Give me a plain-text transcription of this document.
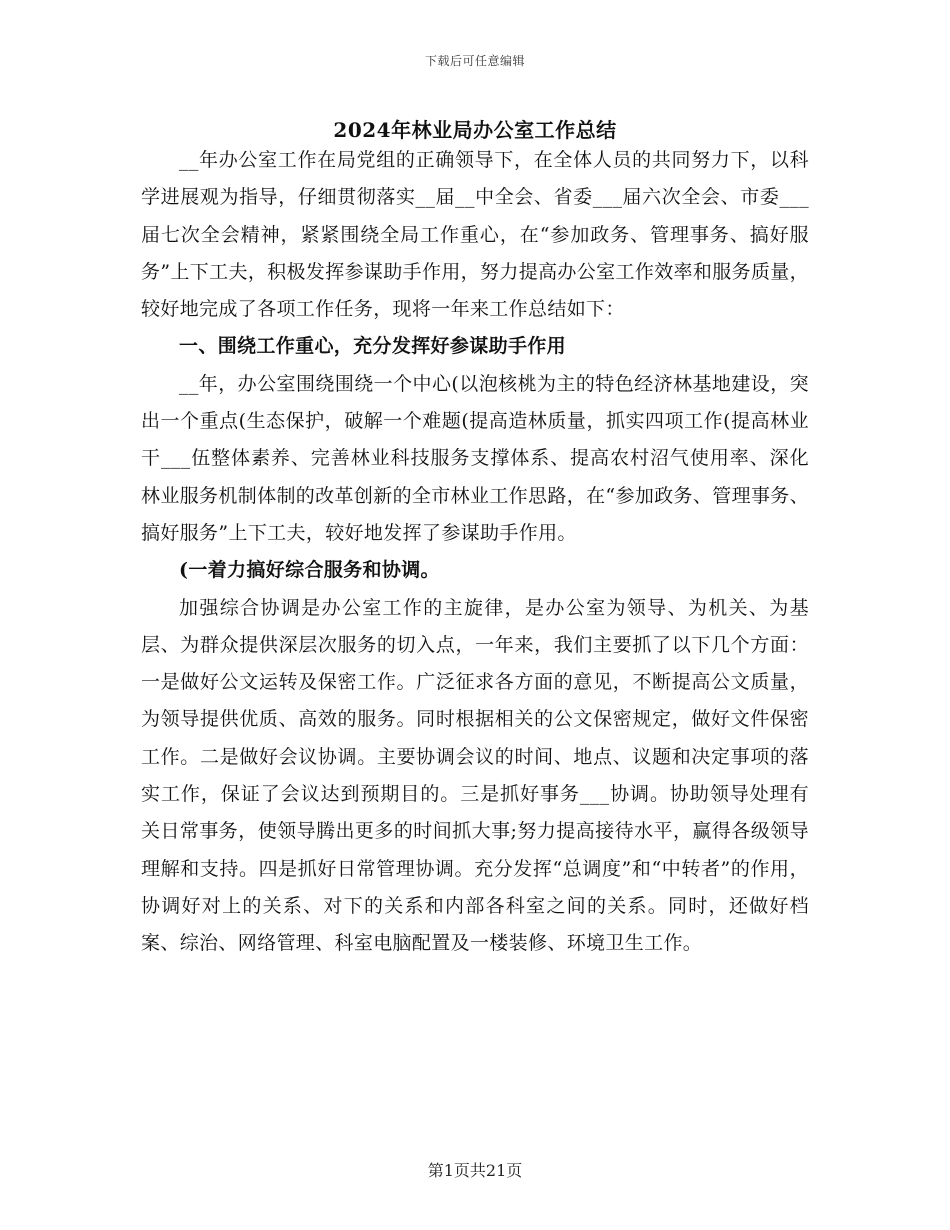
下载后可任意编辑
2024年林业局办公室工作总结

__年办公室工作在局党组的正确领导下，在全体人员的共同努力下，以科学进展观为指导，仔细贯彻落实__届__中全会、省委___届六次全会、市委___届七次全会精神，紧紧围绕全局工作重心，在“参加政务、管理事务、搞好服务”上下工夫，积极发挥参谋助手作用，努力提高办公室工作效率和服务质量，较好地完成了各项工作任务，现将一年来工作总结如下：

一、围绕工作重心，充分发挥好参谋助手作用

__年，办公室围绕围绕一个中心(以泡核桃为主的特色经济林基地建设，突出一个重点(生态保护，破解一个难题(提高造林质量，抓实四项工作(提高林业干___伍整体素养、完善林业科技服务支撑体系、提高农村沼气使用率、深化林业服务机制体制的改革创新的全市林业工作思路，在“参加政务、管理事务、搞好服务”上下工夫，较好地发挥了参谋助手作用。

(一着力搞好综合服务和协调。

加强综合协调是办公室工作的主旋律，是办公室为领导、为机关、为基层、为群众提供深层次服务的切入点，一年来，我们主要抓了以下几个方面：一是做好公文运转及保密工作。广泛征求各方面的意见，不断提高公文质量，为领导提供优质、高效的服务。同时根据相关的公文保密规定，做好文件保密工作。二是做好会议协调。主要协调会议的时间、地点、议题和决定事项的落实工作，保证了会议达到预期目的。三是抓好事务___协调。协助领导处理有关日常事务，使领导腾出更多的时间抓大事;努力提高接待水平，赢得各级领导理解和支持。四是抓好日常管理协调。充分发挥“总调度”和“中转者”的作用，协调好对上的关系、对下的关系和内部各科室之间的关系。同时，还做好档案、综治、网络管理、科室电脑配置及一楼装修、环境卫生工作。

第1页共21页
